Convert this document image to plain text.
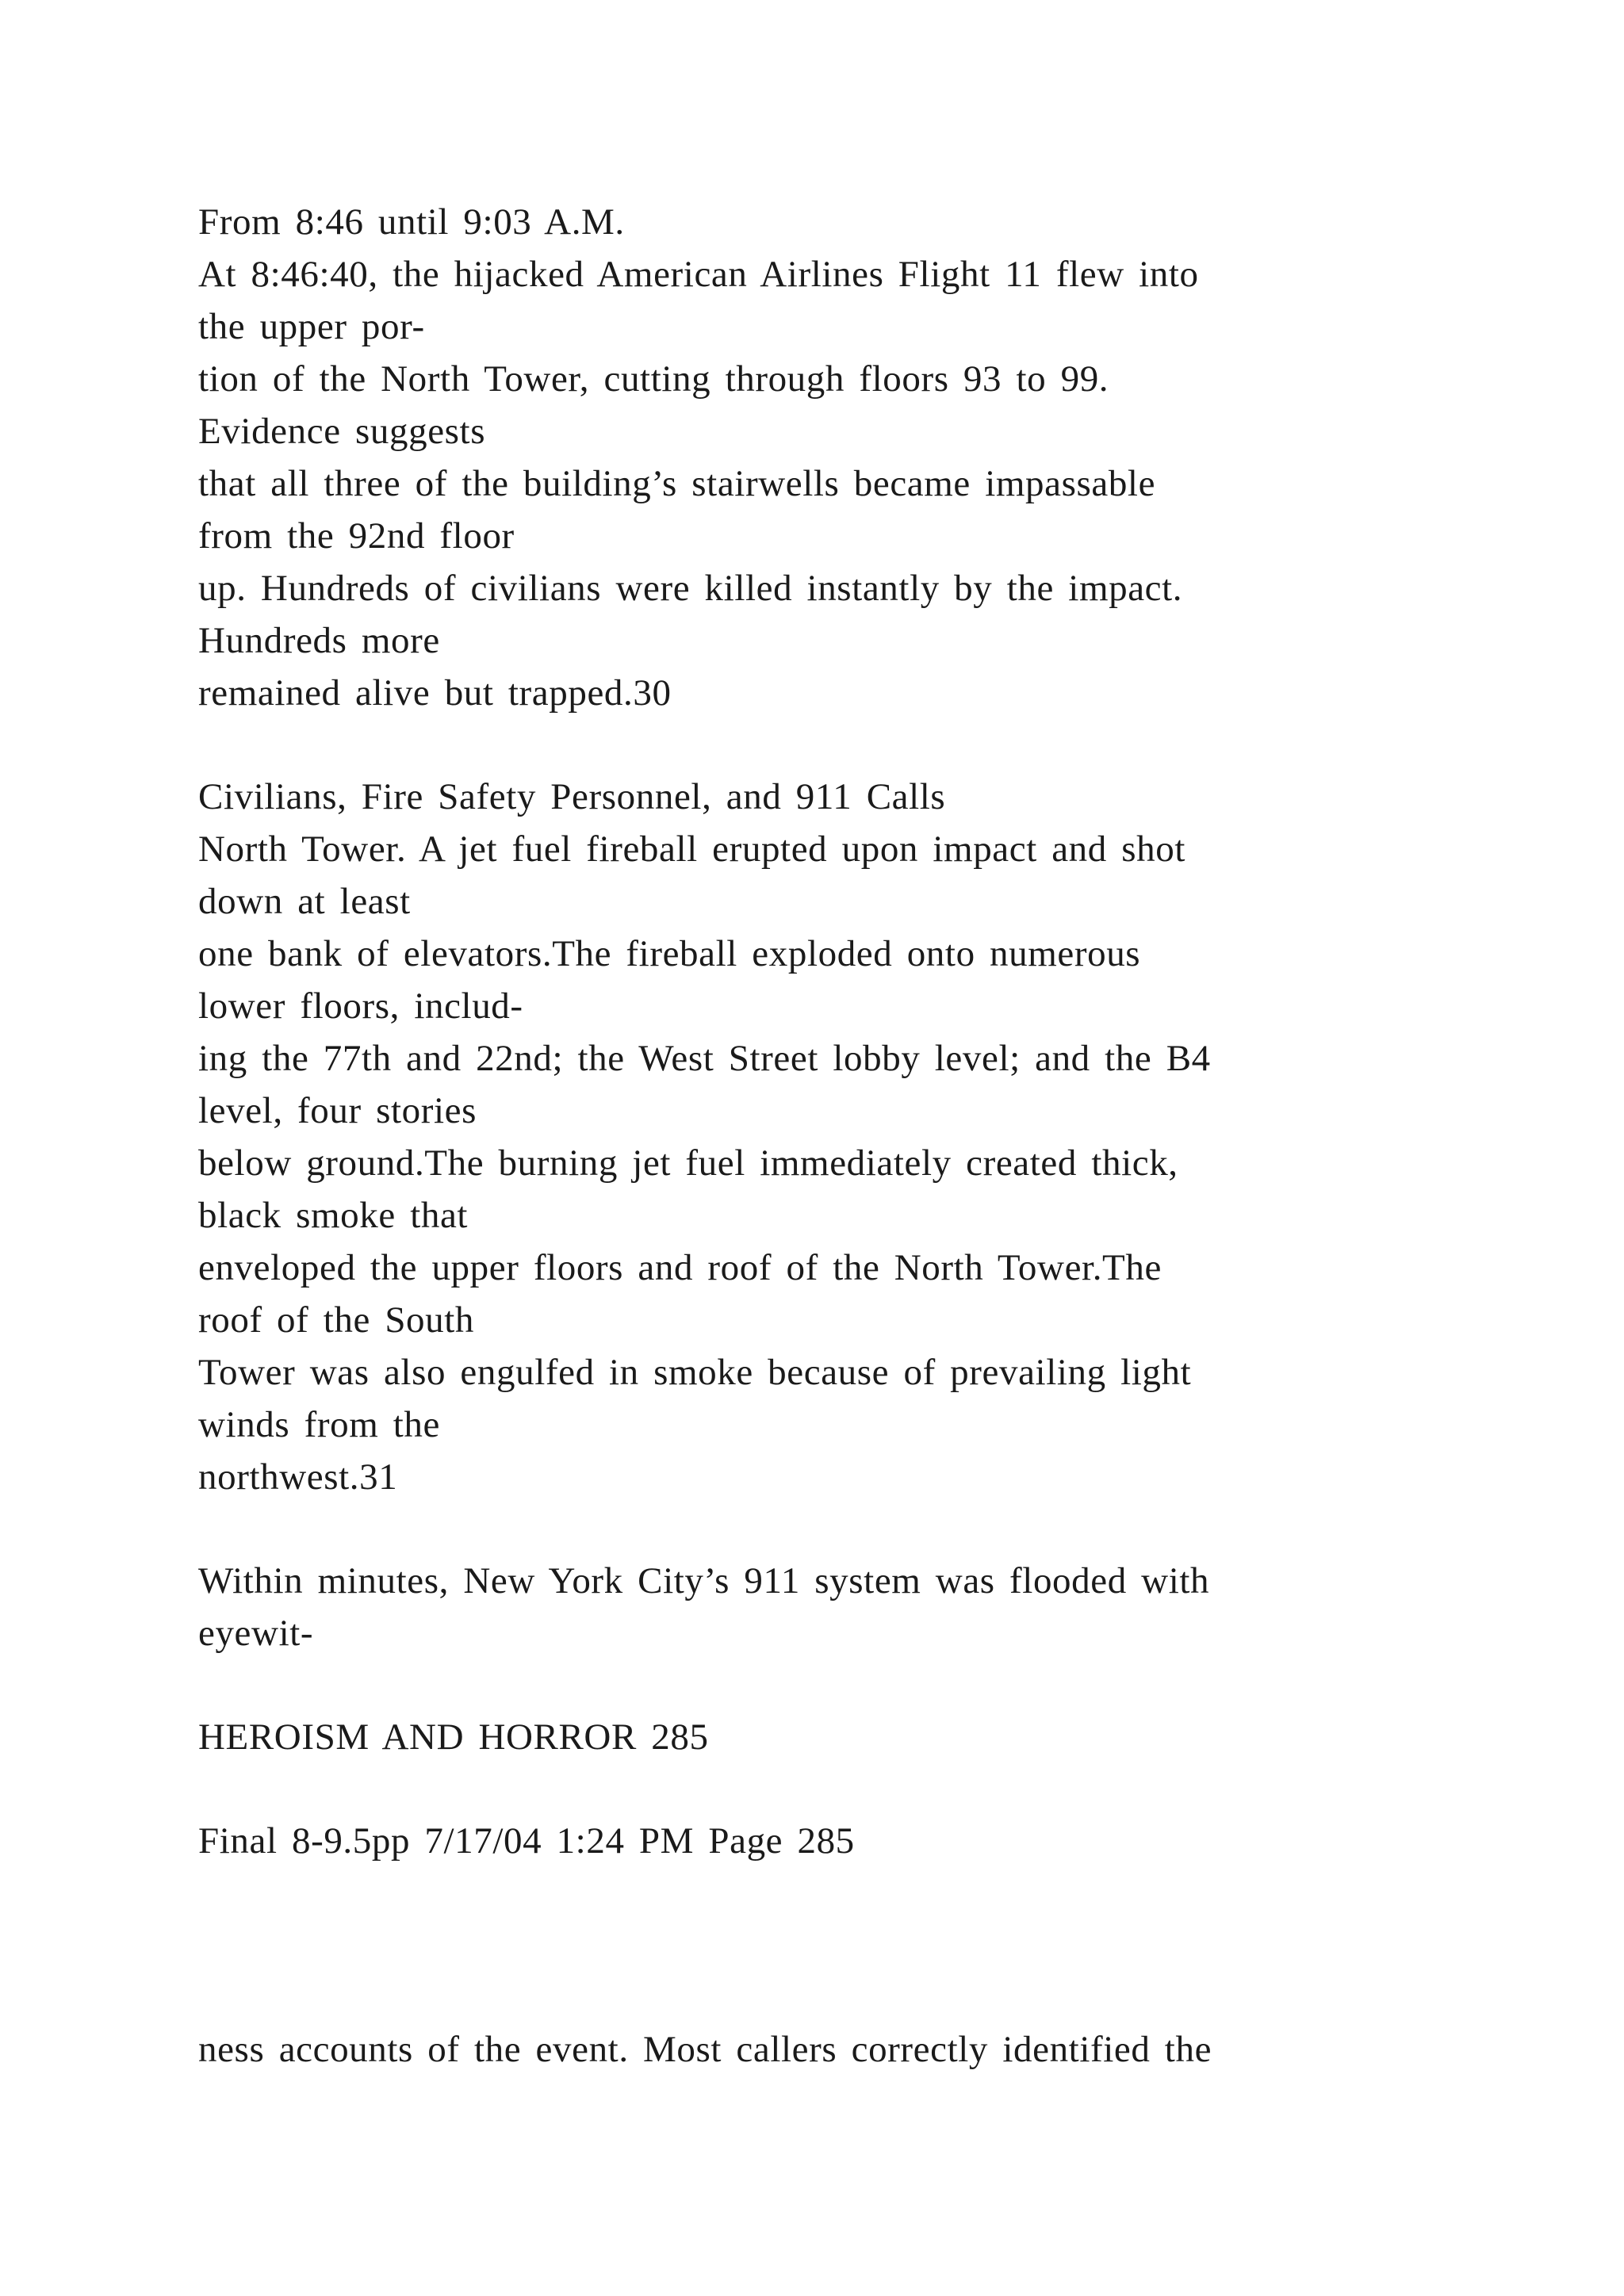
From 8:46 until 9:03 A.M.

At 8:46:40, the hijacked American Airlines Flight 11 flew into

the upper por-

tion of the North Tower, cutting through floors 93 to 99.

Evidence suggests

that all three of the building’s stairwells became impassable

from the 92nd floor

up. Hundreds of civilians were killed instantly by the impact.

Hundreds more

remained alive but trapped.30

Civilians, Fire Safety Personnel, and 911 Calls

North Tower. A jet fuel fireball erupted upon impact and shot

down at least

one bank of elevators.The fireball exploded onto numerous

lower floors, includ-

ing the 77th and 22nd; the West Street lobby level; and the B4

level, four stories

below ground.The burning jet fuel immediately created thick,

black smoke that

enveloped the upper floors and roof of the North Tower.The

roof of the South

Tower was also engulfed in smoke because of prevailing light

winds from the

northwest.31

Within minutes, New York City’s 911 system was flooded with

eyewit-

HEROISM AND HORROR 285

Final 8-9.5pp 7/17/04 1:24 PM Page 285

ness accounts of the event. Most callers correctly identified the
